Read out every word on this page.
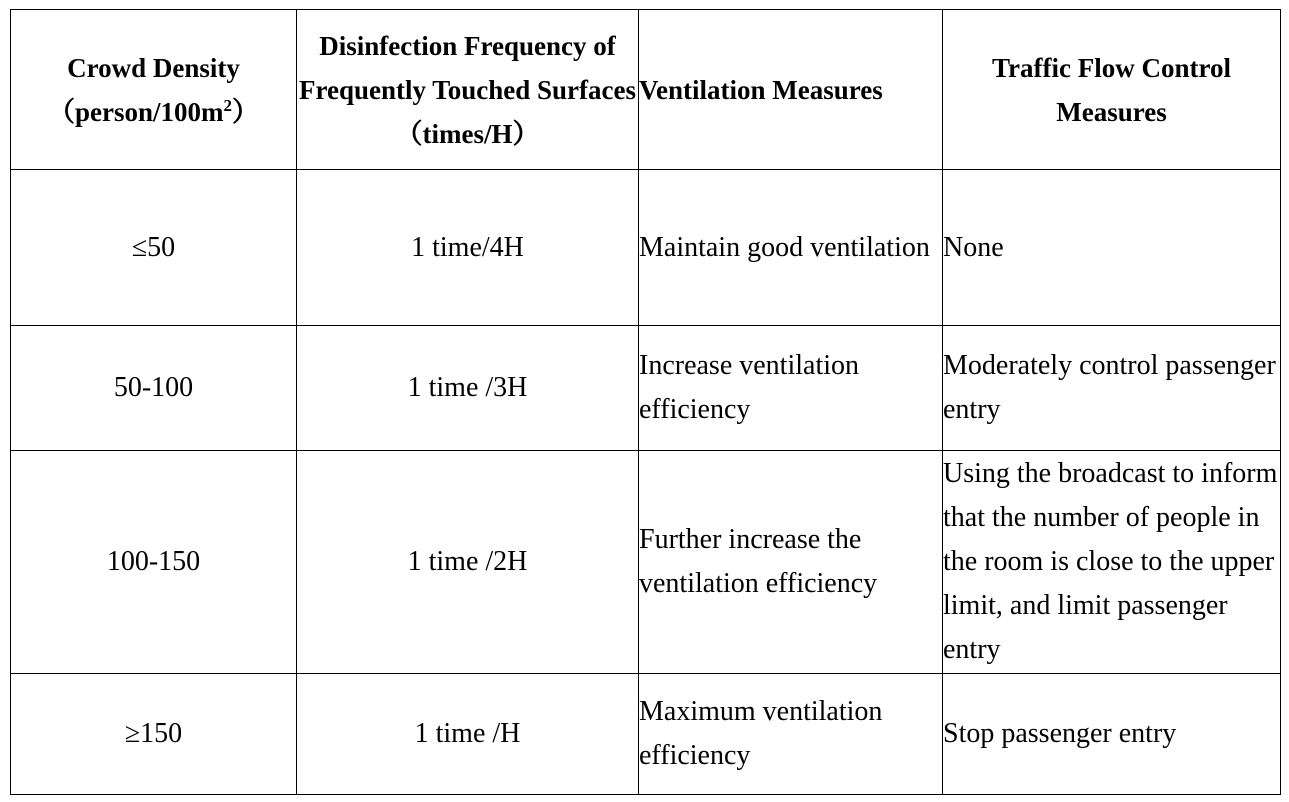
Crowd Density
$(person/100m^2)$	Disinfection Frequency of Frequently Touched Surfaces（times/H）	Ventilation Measures	Traffic Flow Control Measures
≤50	1 time/4H	Maintain good ventilation	None
50-100	1 time /3H	Increase ventilation efficiency	Moderately control passenger entry
100-150	1 time /2H	Further increase the ventilation efficiency	Using the broadcast to inform that the number of people in the room is close to the upper limit, and limit passenger entry
≥150	1 time /H	Maximum ventilation efficiency	Stop passenger entry
